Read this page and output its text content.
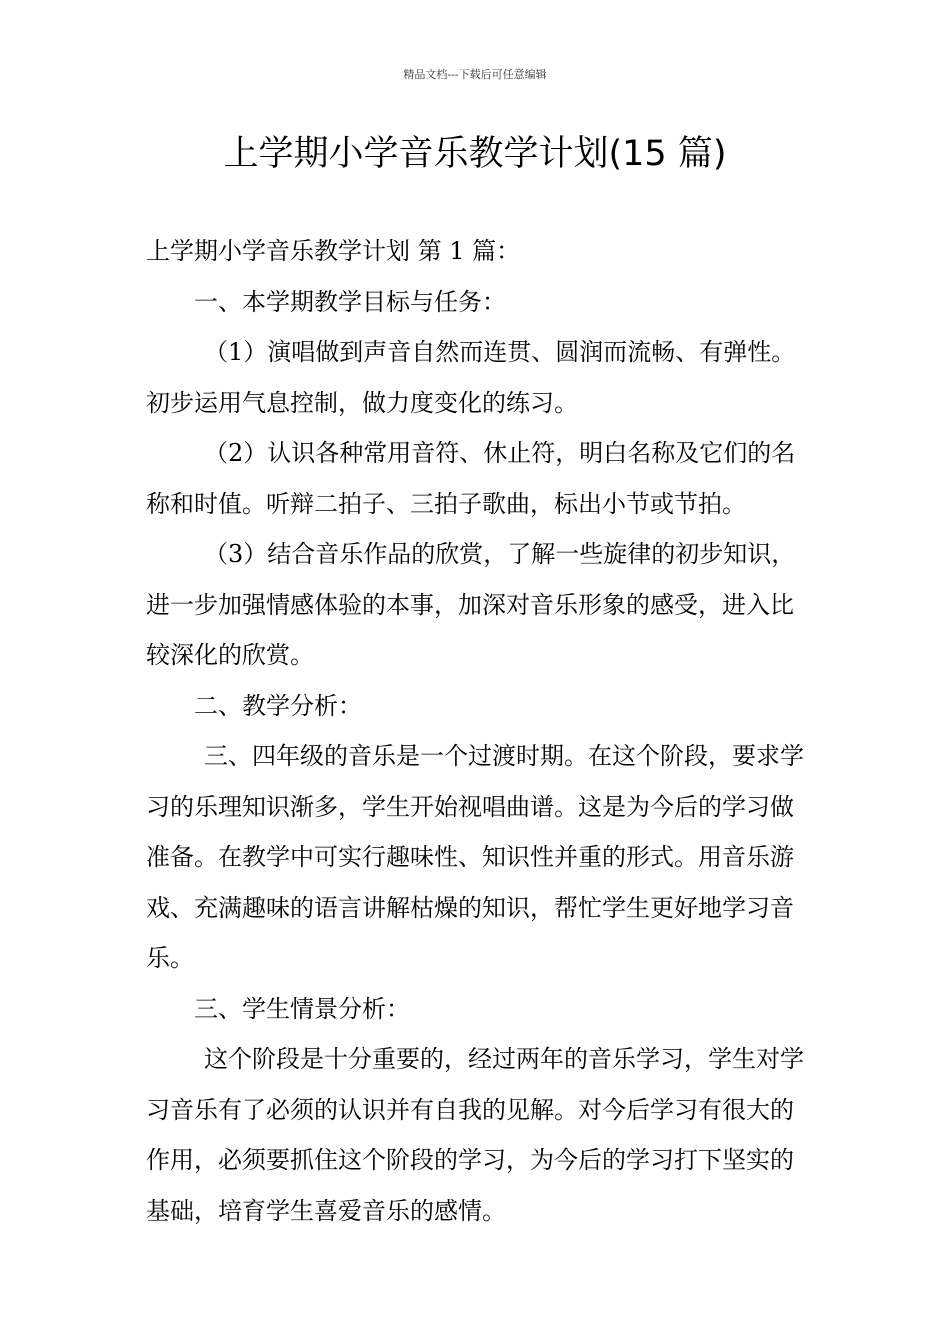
精品文档---下载后可任意编辑
上学期小学音乐教学计划(15 篇)

上学期小学音乐教学计划 第 1 篇：

一、本学期教学目标与任务：

（1）演唱做到声音自然而连贯、圆润而流畅、有弹性。初步运用气息控制，做力度变化的练习。

（2）认识各种常用音符、休止符，明白名称及它们的名称和时值。听辩二拍子、三拍子歌曲，标出小节或节拍。

（3）结合音乐作品的欣赏，了解一些旋律的初步知识，进一步加强情感体验的本事，加深对音乐形象的感受，进入比较深化的欣赏。

二、教学分析：

三、四年级的音乐是一个过渡时期。在这个阶段，要求学习的乐理知识渐多，学生开始视唱曲谱。这是为今后的学习做准备。在教学中可实行趣味性、知识性并重的形式。用音乐游戏、充满趣味的语言讲解枯燥的知识，帮忙学生更好地学习音乐。

三、学生情景分析：

这个阶段是十分重要的，经过两年的音乐学习，学生对学习音乐有了必须的认识并有自我的见解。对今后学习有很大的作用，必须要抓住这个阶段的学习，为今后的学习打下坚实的基础，培育学生喜爱音乐的感情。
